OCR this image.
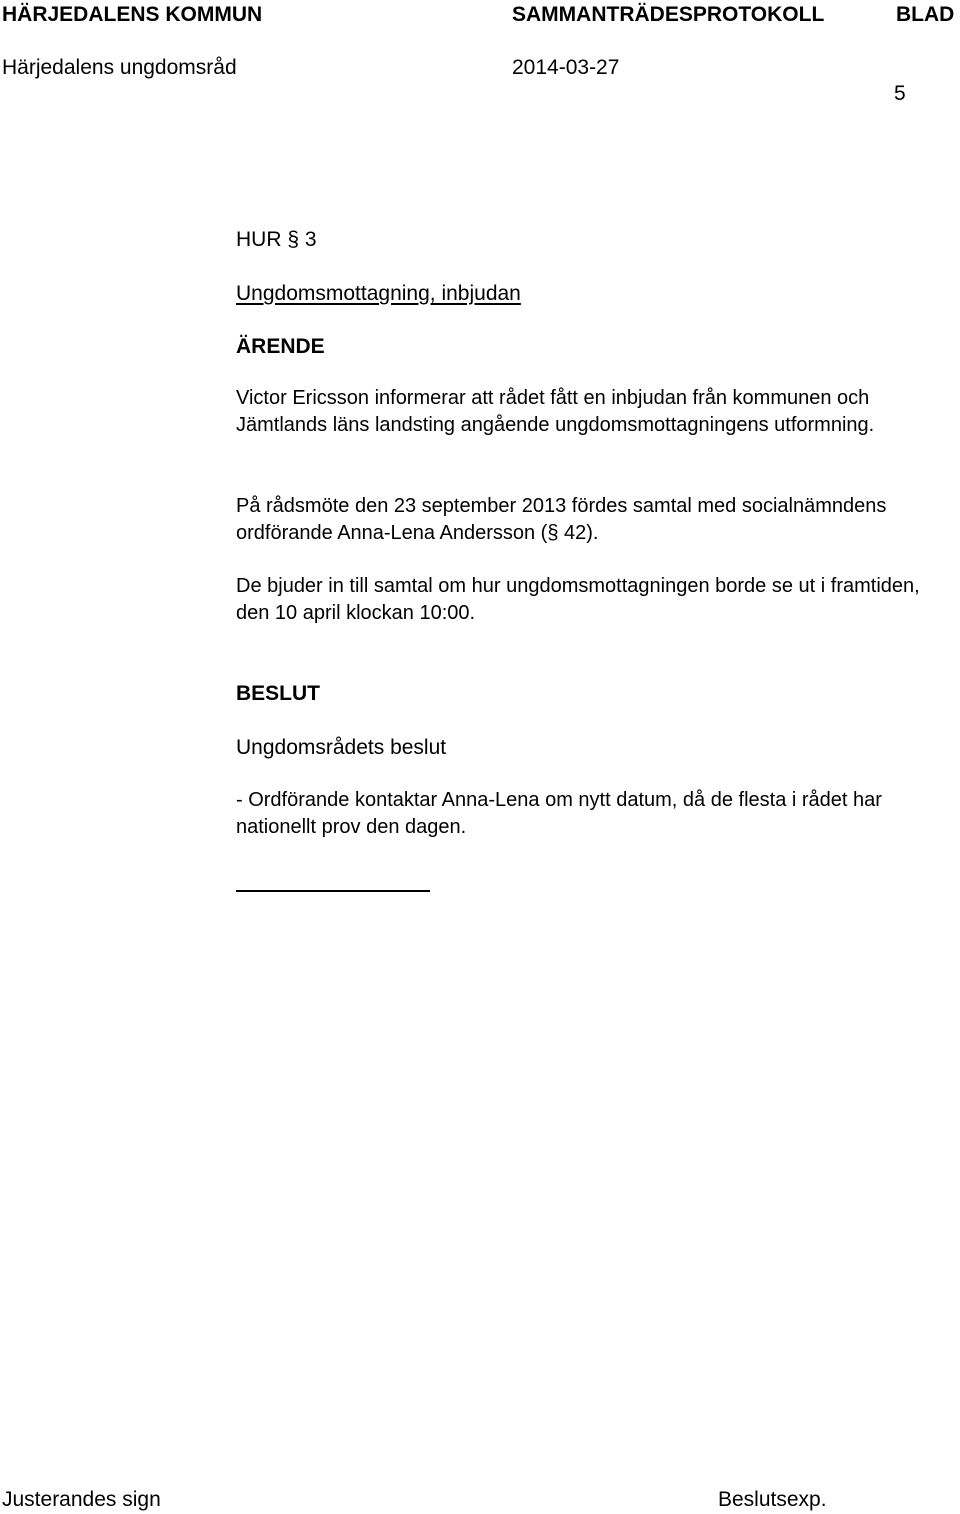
HÄRJEDALENS KOMMUN	SAMMANTRÄDESPROTOKOLL	BLAD
Härjedalens ungdomsråd	2014-03-27
5
HUR § 3
Ungdomsmottagning, inbjudan
ÄRENDE
Victor Ericsson informerar att rådet fått en inbjudan från kommunen och Jämtlands läns landsting angående ungdomsmottagningens utformning.
På rådsmöte den 23 september 2013 fördes samtal med socialnämndens ordförande Anna-Lena Andersson (§ 42).
De bjuder in till samtal om hur ungdomsmottagningen borde se ut i framtiden, den 10 april klockan 10:00.
BESLUT
Ungdomsrådets beslut
- Ordförande kontaktar Anna-Lena om nytt datum, då de flesta i rådet har nationellt prov den dagen.
Justerandes sign	Beslutsexp.
